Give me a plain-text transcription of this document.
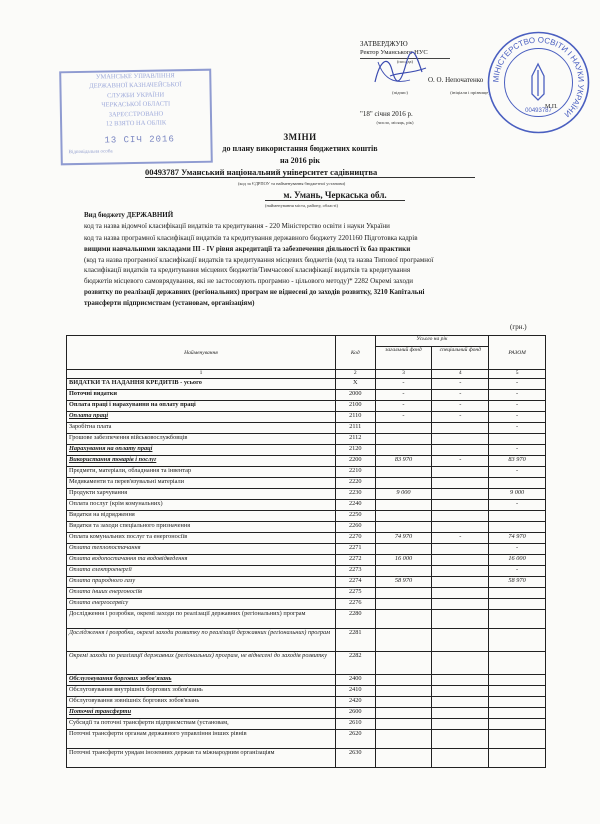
ЗАТВЕРДЖУЮ
Ректор Уманського НУС
(посада)
(підпис)
О. О. Непочатенко
(ініціали і прізвище)
"18" січня 2016 р.
(число, місяць, рік)
УМАНСЬКЕ УПРАВЛІННЯ
ДЕРЖАВНОЇ КАЗНАЧЕЙСЬКОЇ
СЛУЖБИ УКРАЇНИ
ЧЕРКАСЬКОЇ ОБЛАСТІ
ЗАРЕЄСТРОВАНО
12 ВЗЯТО НА ОБЛІК
13 СІЧ 2016
Відповідальна особа
МІНІСТЕРСТВО ОСВІТИ І НАУКИ УКРАЇНИ
00493787
М.П.
ЗМІНИ
до плану використання бюджетних коштів
на 2016 рік
00493787 Уманський національний університет садівництва
(код за ЄДРПОУ та найменування бюджетної установи)
м. Умань, Черкаська обл.
(найменування міста, району, області)
Вид бюджету ДЕРЖАВНИЙ
код та назва відомчої класифікації видатків та кредитування - 220 Міністерство освіти і науки України
код та назва програмної класифікації видатків та кредитування державного бюджету 2201160 Підготовка кадрів
вищими навчальними закладами ІІІ - ІV рівня акредитації та забезпечення діяльності їх баз практики
(код та назва програмної класифікації видатків та кредитування місцевих бюджетів (код та назва Типової програмної
класифікації видатків та кредитування місцевих бюджетів/Тимчасової класифікації видатків та кредитування
бюджетів місцевого самоврядування, які не застосовують програмно - цільового методу)* 2282 Окремі заходи
розвитку по реалізації державних (регіональних) програм не віднесені до заходів розвитку, 3210 Капітальні
трансферти підприємствам (установам, організаціям)
(грн.)
Найменування	Код	Усього на рік		РАЗОМ
		загальний фонд	спеціальний фонд	
1	2	3	4	5
ВИДАТКИ ТА НАДАННЯ КРЕДИТІВ - усього	Х	-	-	-
Поточні видатки	2000	-	-	-
Оплата праці і нарахування на оплату праці	2100	-	-	-
Оплата праці	2110	-	-	-
Заробітна плата	2111			-
Грошове забезпечення військовослужбовців	2112			
Нарахування на оплату праці	2120			-
Використання товарів і послуг	2200	83 970	-	83 970
Предмети, матеріали, обладнання та інвентар	2210			-
Медикаменти та перев'язувальні матеріали	2220			
Продукти харчування	2230	9 000		9 000
Оплата послуг (крім комунальних)	2240			-
Видатки на відрядження	2250			
Видатки та заходи спеціального призначення	2260			
Оплата комунальних послуг та енергоносіїв	2270	74 970	-	74 970
Оплата теплопостачання	2271			-
Оплата водопостачання та водовідведення	2272	16 000		16 000
Оплата електроенергії	2273			-
Оплата природного газу	2274	58 970		58 970
Оплата інших енергоносіїв	2275			
Оплата енергосервісу	2276			
Дослідження і розробки, окремі заходи по реалізації державних (регіональних) програм	2280			
Дослідження і розробки, окремі заходи розвитку по реалізації державних (регіональних) програм	2281			
Окремі заходи по реалізації державних (регіональних) програм, не віднесені до заходів розвитку	2282			
Обслуговування боргових зобов'язань	2400			
Обслуговування внутрішніх боргових зобов'язань	2410			
Обслуговування зовнішніх боргових зобов'язань	2420			
Поточні трансферти	2600			
Субсидії та поточні трансферти підприємствам (установам,	2610			
Поточні трансферти органам державного управління інших рівнів	2620			
Поточні трансферти урядам іноземних держав та міжнародним організаціям	2630			
